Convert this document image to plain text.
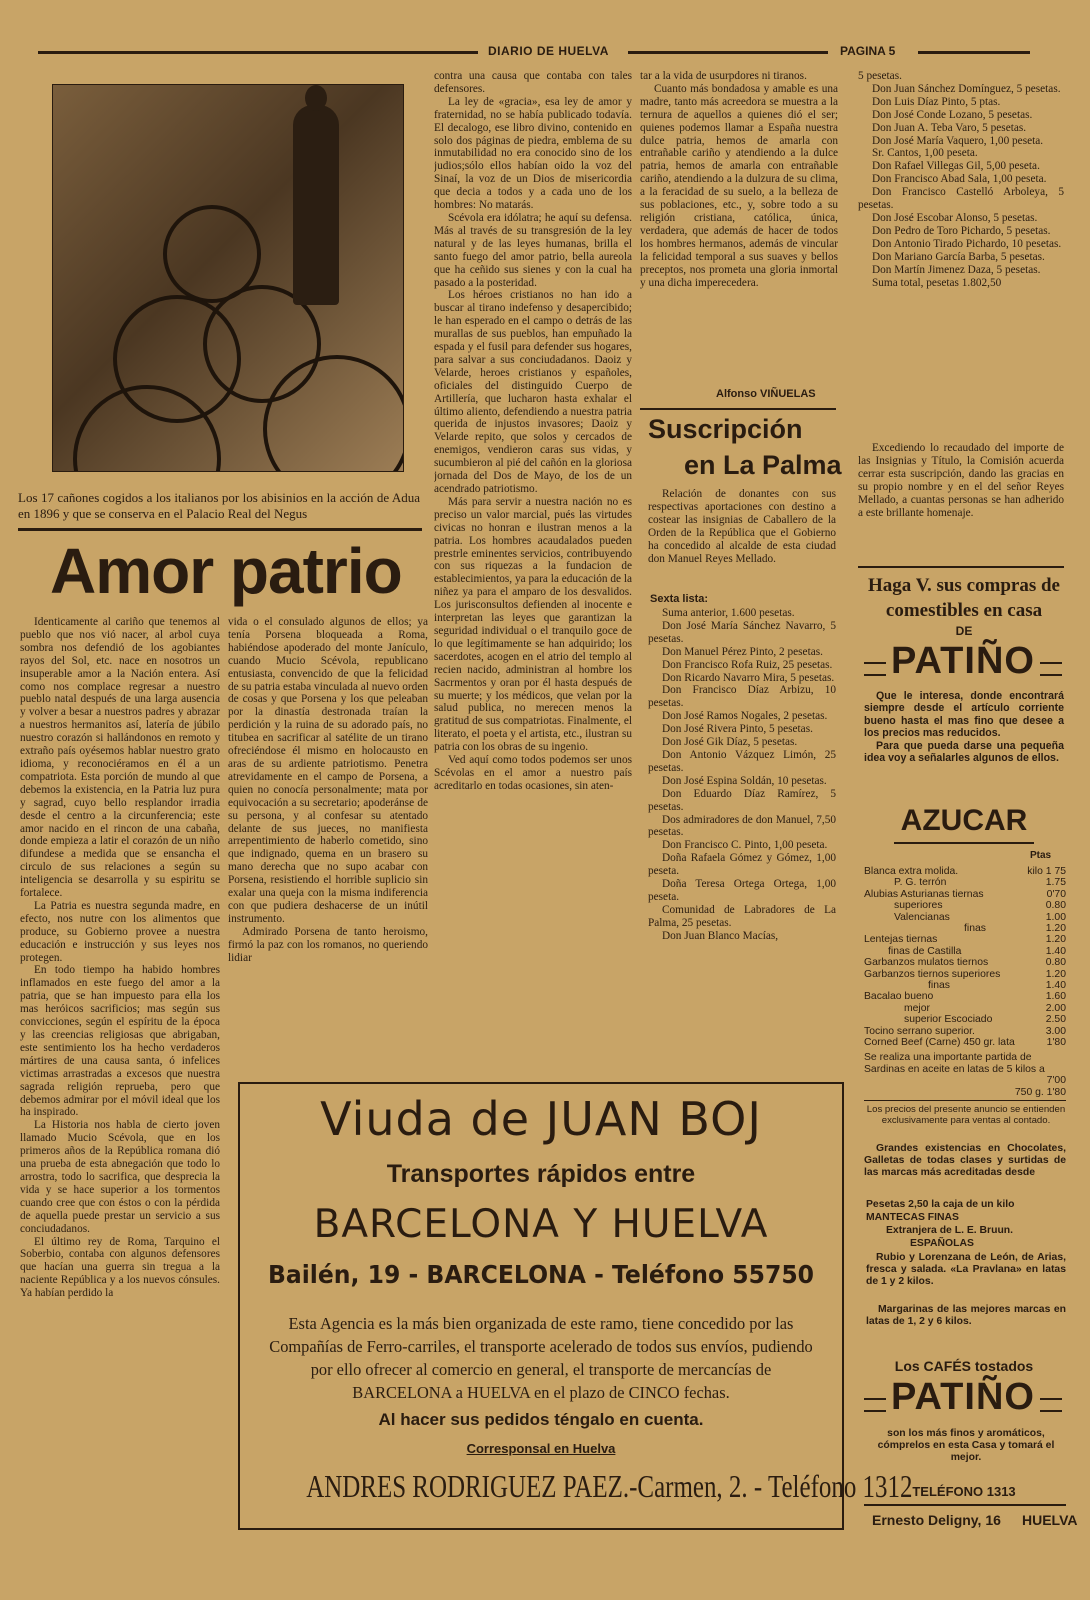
DIARIO DE HUELVA	PAGINA 5
Los 17 cañones cogidos a los italianos por los abisinios en la acción de Adua en 1896 y que se conserva en el Palacio Real del Negus
Amor patrio

Identicamente al cariño que tenemos al pueblo que nos vió nacer, al arbol cuya sombra nos defendió de los agobiantes rayos del Sol, etc. nace en nosotros un insuperable amor a la Nación entera. Así como nos complace regresar a nuestro pueblo natal después de una larga ausencia y volver a besar a nuestros padres y abrazar a nuestros hermanitos así, latería de júbilo nuestro corazón si hallándonos en remoto y extraño país oyésemos hablar nuestro grato idioma, y reconociéramos en él a un compatriota. Esta porción de mundo al que debemos la existencia, en la Patria luz pura y sagrad, cuyo bello resplandor irradia desde el centro a la circunferencia; este amor nacido en el rincon de una cabaña, donde empieza a latir el corazón de un niño difundese a medida que se ensancha el circulo de sus relaciones a según su inteligencia se desarrolla y su espiritu se fortalece.

La Patria es nuestra segunda madre, en efecto, nos nutre con los alimentos que produce, su Gobierno provee a nuestra educación e instrucción y sus leyes nos protegen.

En todo tiempo ha habido hombres inflamados en este fuego del amor a la patria, que se han impuesto para ella los mas heróicos sacrificios; mas según sus convicciones, según el espíritu de la época y las creencias religiosas que abrigaban, este sentimiento los ha hecho verdaderos mártires de una causa santa, ó infelices victimas arrastradas a excesos que nuestra sagrada religión reprueba, pero que debemos admirar por el móvil ideal que los ha inspirado.

La Historia nos habla de cierto joven llamado Mucio Scévola, que en los primeros años de la República romana dió una prueba de esta abnegación que todo lo arrostra, todo lo sacrifica, que desprecia la vida y se hace superior a los tormentos cuando cree que con éstos o con la pérdida de aquella puede prestar un servicio a sus conciudadanos.

El último rey de Roma, Tarquino el Soberbio, contaba con algunos defensores que hacían una guerra sin tregua a la naciente República y a los nuevos cónsules. Ya habían perdido la

vida o el consulado algunos de ellos; ya tenía Porsena bloqueada a Roma, habiéndose apoderado del monte Janículo, cuando Mucio Scévola, republicano entusiasta, convencido de que la felicidad de su patria estaba vinculada al nuevo orden de cosas y que Porsena y los que peleaban por la dinastía destronada traían la perdición y la ruina de su adorado país, no titubea en sacrificar al satélite de un tirano ofreciéndose él mismo en holocausto en aras de su ardiente patriotismo. Penetra atrevidamente en el campo de Porsena, a quien no conocía personalmente; mata por equivocación a su secretario; apoderánse de su persona, y al confesar su atentado delante de sus jueces, no manifiesta arrepentimiento de haberlo cometido, sino que indignado, quema en un brasero su mano derecha que no supo acabar con Porsena, resistiendo el horrible suplicio sin exalar una queja con la misma indiferencia con que pudiera deshacerse de un inútil instrumento.

Admirado Porsena de tanto heroismo, firmó la paz con los romanos, no queriendo lidiar

contra una causa que contaba con tales defensores.

La ley de «gracia», esa ley de amor y fraternidad, no se había publicado todavía. El decalogo, ese libro divino, contenido en solo dos páginas de piedra, emblema de su inmutabilidad no era conocido sino de los judios;sólo ellos habían oido la voz del Sinaí, la voz de un Dios de misericordia que decia a todos y a cada uno de los hombres: No matarás.

Scévola era idólatra; he aquí su defensa. Más al través de su transgresión de la ley natural y de las leyes humanas, brilla el santo fuego del amor patrio, bella aureola que ha ceñido sus sienes y con la cual ha pasado a la posteridad.

Los héroes cristianos no han ido a buscar al tirano indefenso y desapercibido; le han esperado en el campo o detrás de las murallas de sus pueblos, han empuñado la espada y el fusil para defender sus hogares, para salvar a sus conciudadanos. Daoiz y Velarde, heroes cristianos y españoles, oficiales del distinguido Cuerpo de Artillería, que lucharon hasta exhalar el último aliento, defendiendo a nuestra patria querida de injustos invasores; Daoiz y Velarde repito, que solos y cercados de enemigos, vendieron caras sus vidas, y sucumbieron al pié del cañón en la gloriosa jornada del Dos de Mayo, de los de un acendrado patriotismo.

Más para servir a nuestra nación no es preciso un valor marcial, pués las virtudes civicas no honran e ilustran menos a la patria. Los hombres acaudalados pueden prestrle eminentes servicios, contribuyendo con sus riquezas a la fundacion de establecimientos, ya para la educación de la niñez ya para el amparo de los desvalidos. Los jurisconsultos defienden al inocente e interpretan las leyes que garantizan la seguridad individual o el tranquilo goce de lo que legítimamente se han adquirido; los sacerdotes, acogen en el atrio del templo al recien nacido, administran al hombre los Sacrmentos y oran por él hasta después de su muerte; y los médicos, que velan por la salud publica, no merecen menos la gratitud de sus compatriotas. Finalmente, el literato, el poeta y el artista, etc., ilustran su patria con los obras de su ingenio.

Ved aquí como todos podemos ser unos Scévolas en el amor a nuestro país acreditarlo en todas ocasiones, sin aten-

tar a la vida de usurpdores ni tiranos.

Cuanto más bondadosa y amable es una madre, tanto más acreedora se muestra a la ternura de aquellos a quienes dió el ser; quienes podemos llamar a España nuestra dulce patria, hemos de amarla con entrañable cariño y atendiendo a la dulce patria, hemos de amarla con entrañable cariño, atendiendo a la dulzura de su clima, a la feracidad de su suelo, a la belleza de sus poblaciones, etc., y, sobre todo a su religión cristiana, católica, única, verdadera, que además de hacer de todos los hombres hermanos, además de vincular la felicidad temporal a sus suaves y bellos preceptos, nos prometa una gloria inmortal y una dicha imperecedera.

Alfonso VIÑUELAS
Suscripción
en La Palma

Relación de donantes con sus respectivas aportaciones con destino a costear las insignias de Caballero de la Orden de la República que el Gobierno ha concedido al alcalde de esta ciudad don Manuel Reyes Mellado.

Sexta lista:

Suma anterior, 1.600 pesetas.

Don José María Sánchez Navarro, 5 pesetas.

Don Manuel Pérez Pinto, 2 pesetas.

Don Francisco Rofa Ruiz, 25 pesetas.

Don Ricardo Navarro Mira, 5 pesetas.

Don Francisco Díaz Arbizu, 10 pesetas.

Don José Ramos Nogales, 2 pesetas.

Don José Rivera Pinto, 5 pesetas.

Don José Gik Díaz, 5 pesetas.

Don Antonio Vázquez Limón, 25 pesetas.

Don José Espina Soldán, 10 pesetas.

Don Eduardo Díaz Ramírez, 5 pesetas.

Dos admiradores de don Manuel, 7,50 pesetas.

Don Francisco C. Pinto, 1,00 peseta.

Doña Rafaela Gómez y Gómez, 1,00 peseta.

Doña Teresa Ortega Ortega, 1,00 peseta.

Comunidad de Labradores de La Palma, 25 pesetas.

Don Juan Blanco Macías,

5 pesetas.

Don Juan Sánchez Domínguez, 5 pesetas.

Don Luis Díaz Pinto, 5 ptas.

Don José Conde Lozano, 5 pesetas.

Don Juan A. Teba Varo, 5 pesetas.

Don José María Vaquero, 1,00 peseta.

Sr. Cantos, 1,00 peseta.

Don Rafael Villegas Gil, 5,00 peseta.

Don Francisco Abad Sala, 1,00 peseta.

Don Francisco Castelló Arboleya, 5 pesetas.

Don José Escobar Alonso, 5 pesetas.

Don Pedro de Toro Pichardo, 5 pesetas.

Don Antonio Tirado Pichardo, 10 pesetas.

Don Mariano García Barba, 5 pesetas.

Don Martín Jimenez Daza, 5 pesetas.

Suma total, pesetas 1.802,50

Excediendo lo recaudado del importe de las Insignias y Título, la Comisión acuerda cerrar esta suscripción, dando las gracias en su propio nombre y en el del señor Reyes Mellado, a cuantas personas se han adherido a este brillante homenaje.

Haga V. sus compras de comestibles en casa
DE
PATIÑO
Que le interesa, donde encontrará siempre desde el artículo corriente bueno hasta el mas fino que desee a los precios mas reducidos.
Para que pueda darse una pequeña idea voy a señalarles algunos de ellos.
AZUCAR
Ptas
Blanca extra molida.	kilo 1 75
P. G. terrón	1.75
Alubias Asturianas tiernas	0'70
superiores	0.80
Valencianas	1.00
finas	1.20
Lentejas tiernas	1.20
finas de Castilla	1.40
Garbanzos mulatos tiernos	0.80
Garbanzos tiernos superiores	1.20
finas	1.40
Bacalao bueno	1.60
mejor	2.00
superior Escociado	2.50
Tocino serrano superior.	3.00
Corned Beef (Carne) 450 gr. lata	1'80
Se realiza una importante partida de Sardinas en aceite en latas de 5 kilos a
7'00
750 g. 1'80
Los precios del presente anuncio se entienden exclusivamente para ventas al contado.
Grandes existencias en Chocolates, Galletas de todas clases y surtidas de las marcas más acreditadas desde
Pesetas 2,50 la caja de un kilo
MANTECAS FINAS
Extranjera de L. E. Bruun.
ESPAÑOLAS
Rubio y Lorenzana de León, de Arias, fresca y salada. «La Pravlana» en latas de 1 y 2 kilos.
Margarinas de las mejores marcas en latas de 1, 2 y 6 kilos.
Los CAFÉS tostados
PATIÑO
son los más finos y aromáticos, cómprelos en esta Casa y tomará el mejor.
TELÉFONO 1313
Ernesto Deligny, 16 HUELVA
Viuda de JUAN BOJ
Transportes rápidos entre
BARCELONA Y HUELVA
Bailén, 19 - BARCELONA - Teléfono 55750
Esta Agencia es la más bien organizada de este ramo, tiene concedido por las Compañías de Ferro-carriles, el transporte acelerado de todos sus envíos, pudiendo por ello ofrecer al comercio en general, el transporte de mercancías de BARCELONA a HUELVA en el plazo de CINCO fechas.
Al hacer sus pedidos téngalo en cuenta.
Corresponsal en Huelva
ANDRES RODRIGUEZ PAEZ.-Carmen, 2. - Teléfono 1312
